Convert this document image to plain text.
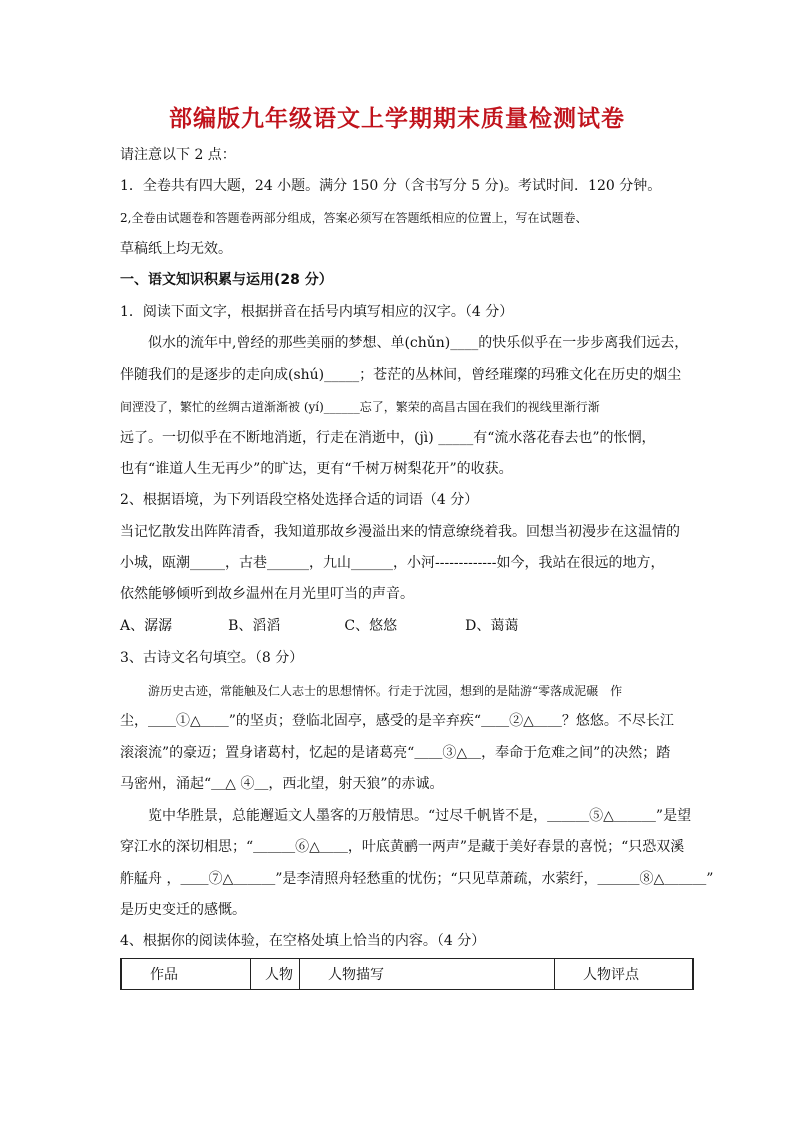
部编版九年级语文上学期期末质量检测试卷
请注意以下 2 点：
1．全卷共有四大题，24 小题。满分 150 分（含书写分 5 分)。考试时间．120 分钟。
2,全卷由试题卷和答题卷两部分组成，答案必须写在答题纸相应的位置上，写在试题卷、
草稿纸上均无效。
一、语文知识积累与运用(28 分）
1．阅读下面文字，根据拼音在括号内填写相应的汉字。（4 分）
似水的流年中,曾经的那些美丽的梦想、单(chǔn)____的快乐似乎在一步步离我们远去，
伴随我们的是逐步的走向成(shú)_____；苍茫的丛林间，曾经璀璨的玛雅文化在历史的烟尘
间湮没了，繁忙的丝绸古道渐渐被 (yí)______忘了，繁荣的高昌古国在我们的视线里渐行渐
远了。一切似乎在不断地消逝，行走在消逝中，(jì) _____有“流水落花春去也”的怅惘，
也有“谁道人生无再少”的旷达，更有“千树万树梨花开”的收获。
2、根据语境，为下列语段空格处选择合适的词语（4 分）
当记忆散发出阵阵清香，我知道那故乡漫溢出来的情意缭绕着我。回想当初漫步在这温情的
小城，瓯潮_____，古巷______，九山______，小河-------------如今，我站在很远的地方，
依然能够倾听到故乡温州在月光里叮当的声音。
A、潺潺	B、滔滔	C、悠悠	D、蔼蔼
3、古诗文名句填空。（8 分）
游历史古迹，常能触及仁人志士的思想情怀。行走于沈园，想到的是陆游“零落成泥碾　作
尘，＿＿①△＿＿”的坚贞；登临北固亭，感受的是辛弃疾“＿＿②△＿＿？悠悠。不尽长江
滚滚流”的豪迈；置身诸葛村，忆起的是诸葛亮“＿＿③△＿，奉命于危难之间”的决然；踏
马密州，涌起“＿△ ④＿，西北望，射天狼”的赤诚。
览中华胜景，总能邂逅文人墨客的万般情思。“过尽千帆皆不是，＿＿＿⑤△＿＿＿”是望
穿江水的深切相思；“＿＿＿⑥△＿＿，叶底黄鹂一两声”是藏于美好春景的喜悦；“只恐双溪
舴艋舟 ，＿＿⑦△＿＿＿”是李清照舟轻愁重的忧伤；“只见草萧疏，水萦纡，＿＿＿⑧△＿＿＿”
是历史变迁的感慨。
4、根据你的阅读体验，在空格处填上恰当的内容。（4 分）
作品	人物	人物描写	人物评点
